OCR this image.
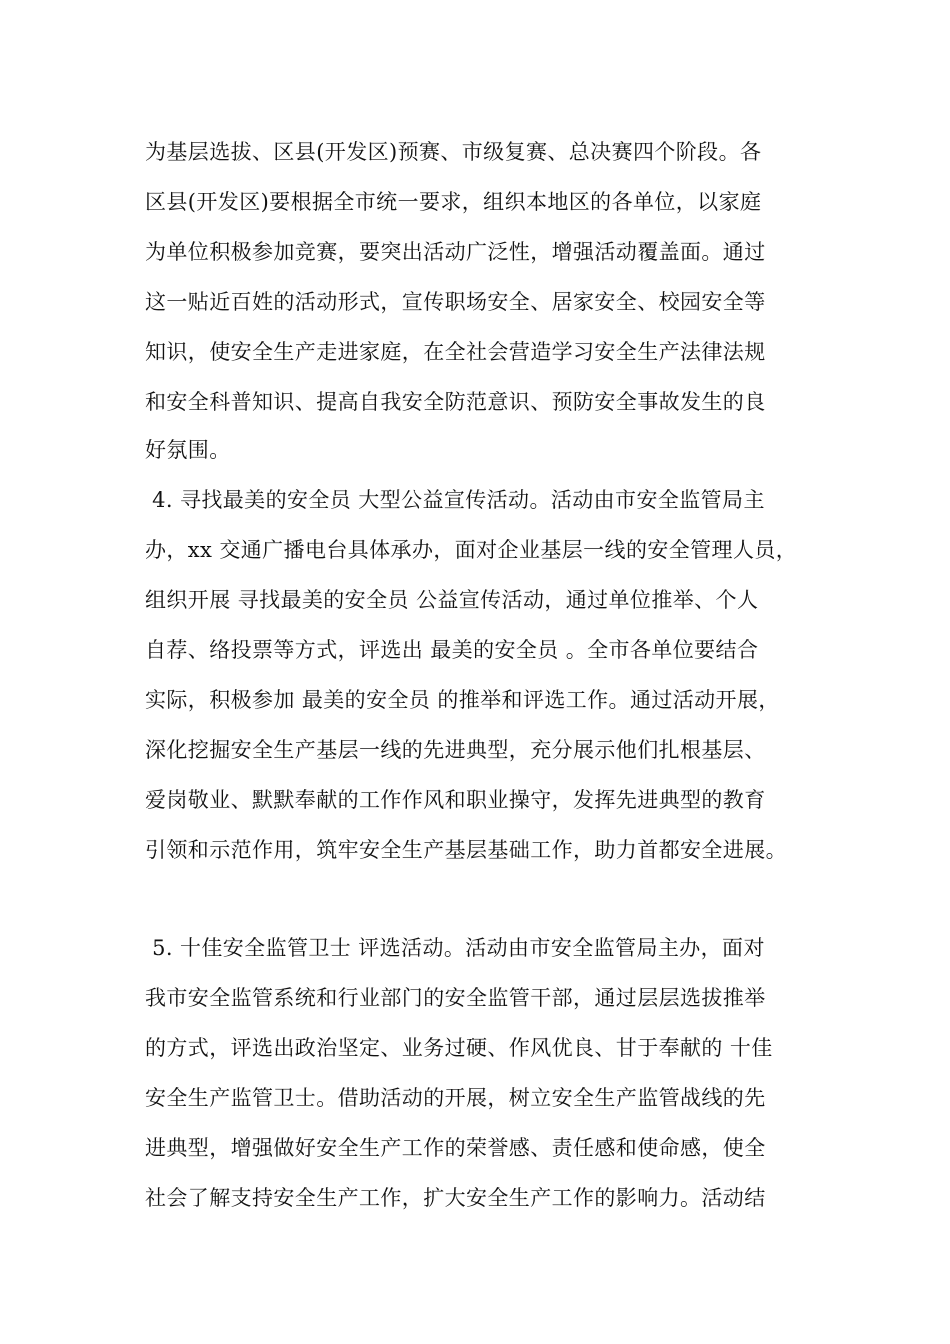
为基层选拔、区县(开发区)预赛、市级复赛、总决赛四个阶段。各
区县(开发区)要根据全市统一要求，组织本地区的各单位，以家庭
为单位积极参加竞赛，要突出活动广泛性，增强活动覆盖面。通过
这一贴近百姓的活动形式，宣传职场安全、居家安全、校园安全等
知识，使安全生产走进家庭，在全社会营造学习安全生产法律法规
和安全科普知识、提高自我安全防范意识、预防安全事故发生的良
好氛围。
4. 寻找最美的安全员 大型公益宣传活动。活动由市安全监管局主
办，xx 交通广播电台具体承办，面对企业基层一线的安全管理人员，
组织开展 寻找最美的安全员 公益宣传活动，通过单位推举、个人
自荐、络投票等方式，评选出 最美的安全员 。全市各单位要结合
实际，积极参加 最美的安全员 的推举和评选工作。通过活动开展，
深化挖掘安全生产基层一线的先进典型，充分展示他们扎根基层、
爱岗敬业、默默奉献的工作作风和职业操守，发挥先进典型的教育
引领和示范作用，筑牢安全生产基层基础工作，助力首都安全进展。
5. 十佳安全监管卫士 评选活动。活动由市安全监管局主办，面对
我市安全监管系统和行业部门的安全监管干部，通过层层选拔推举
的方式，评选出政治坚定、业务过硬、作风优良、甘于奉献的 十佳
安全生产监管卫士。借助活动的开展，树立安全生产监管战线的先
进典型，增强做好安全生产工作的荣誉感、责任感和使命感，使全
社会了解支持安全生产工作，扩大安全生产工作的影响力。活动结
